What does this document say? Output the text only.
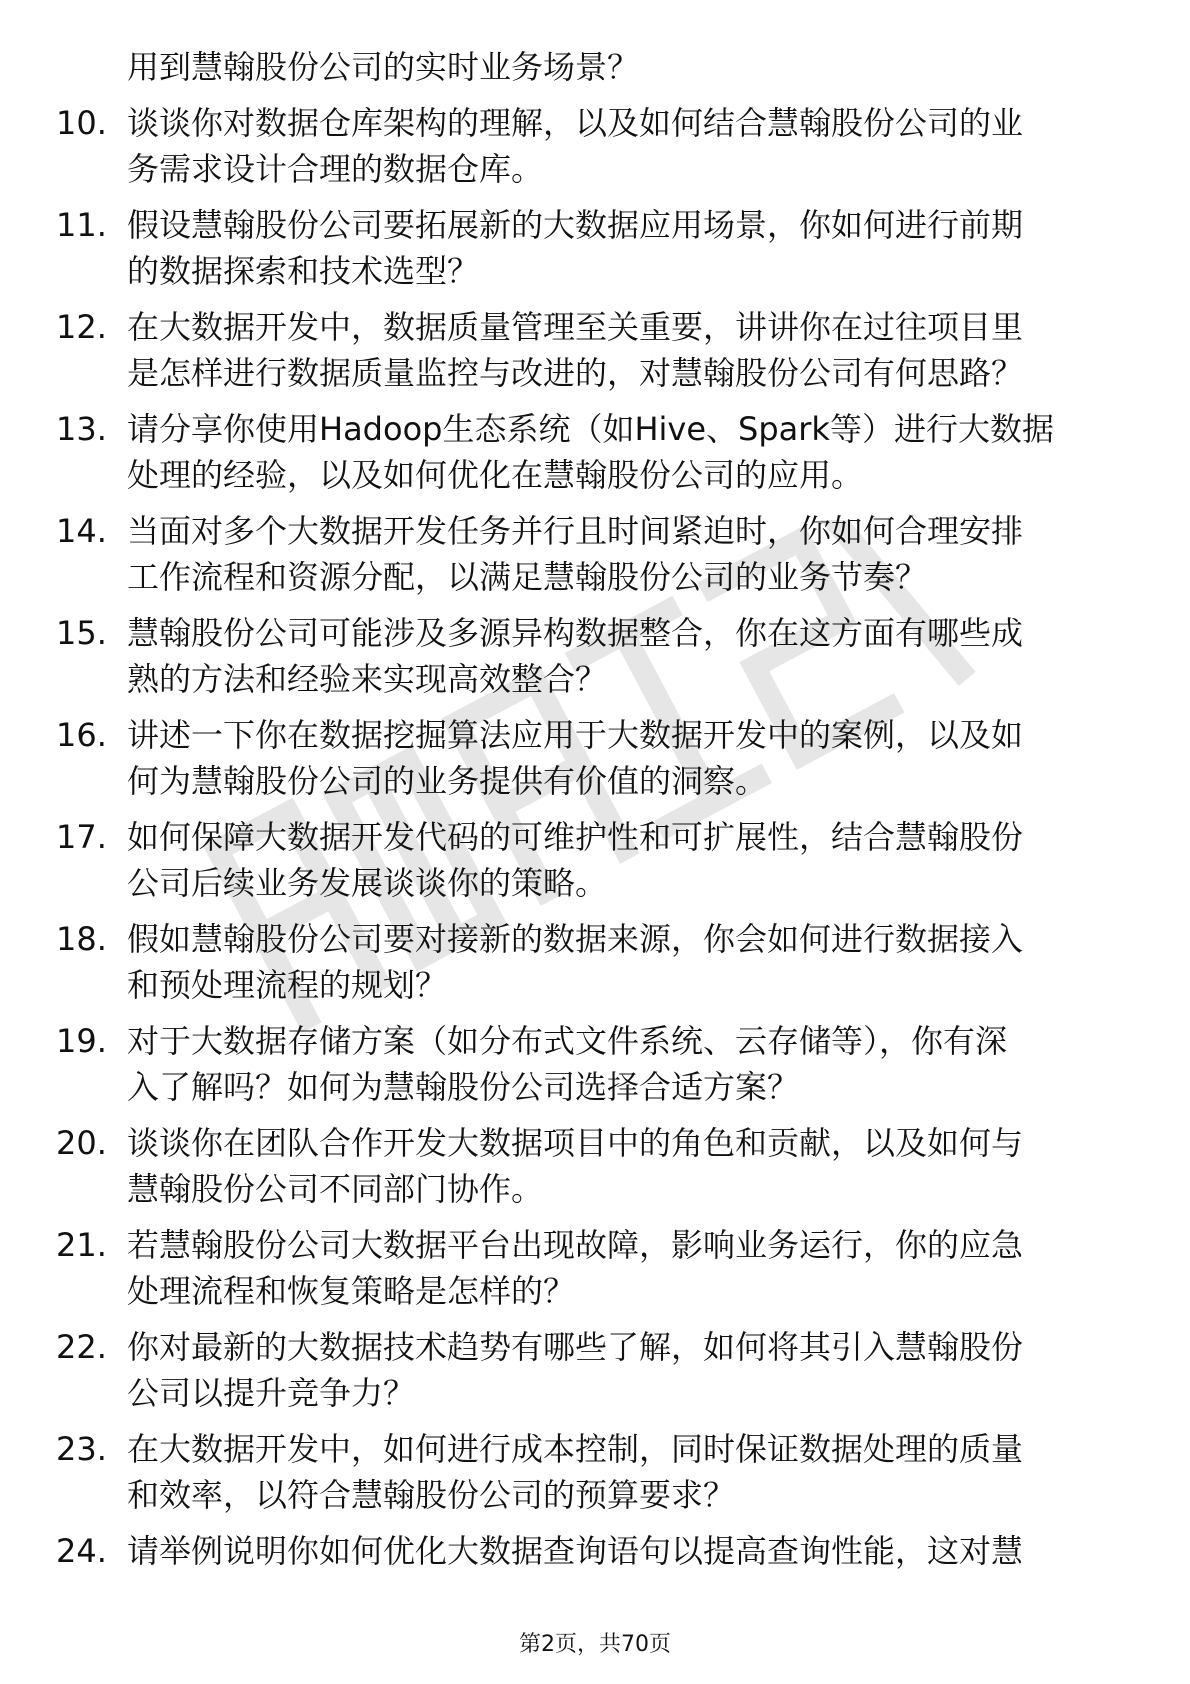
用到慧翰股份公司的实时业务场景？
10. 谈谈你对数据仓库架构的理解，以及如何结合慧翰股份公司的业
务需求设计合理的数据仓库。
11. 假设慧翰股份公司要拓展新的大数据应用场景，你如何进行前期
的数据探索和技术选型？
12. 在大数据开发中，数据质量管理至关重要，讲讲你在过往项目里
是怎样进行数据质量监控与改进的，对慧翰股份公司有何思路？
13. 请分享你使用Hadoop生态系统（如Hive、Spark等）进行大数据
处理的经验，以及如何优化在慧翰股份公司的应用。
14. 当面对多个大数据开发任务并行且时间紧迫时，你如何合理安排
工作流程和资源分配，以满足慧翰股份公司的业务节奏？
15. 慧翰股份公司可能涉及多源异构数据整合，你在这方面有哪些成
熟的方法和经验来实现高效整合？
16. 讲述一下你在数据挖掘算法应用于大数据开发中的案例，以及如
何为慧翰股份公司的业务提供有价值的洞察。
17. 如何保障大数据开发代码的可维护性和可扩展性，结合慧翰股份
公司后续业务发展谈谈你的策略。
18. 假如慧翰股份公司要对接新的数据来源，你会如何进行数据接入
和预处理流程的规划？
19. 对于大数据存储方案（如分布式文件系统、云存储等），你有深
入了解吗？如何为慧翰股份公司选择合适方案？
20. 谈谈你在团队合作开发大数据项目中的角色和贡献，以及如何与
慧翰股份公司不同部门协作。
21. 若慧翰股份公司大数据平台出现故障，影响业务运行，你的应急
处理流程和恢复策略是怎样的？
22. 你对最新的大数据技术趋势有哪些了解，如何将其引入慧翰股份
公司以提升竞争力？
23. 在大数据开发中，如何进行成本控制，同时保证数据处理的质量
和效率，以符合慧翰股份公司的预算要求？
24. 请举例说明你如何优化大数据查询语句以提高查询性能，这对慧
第2页，共70页
